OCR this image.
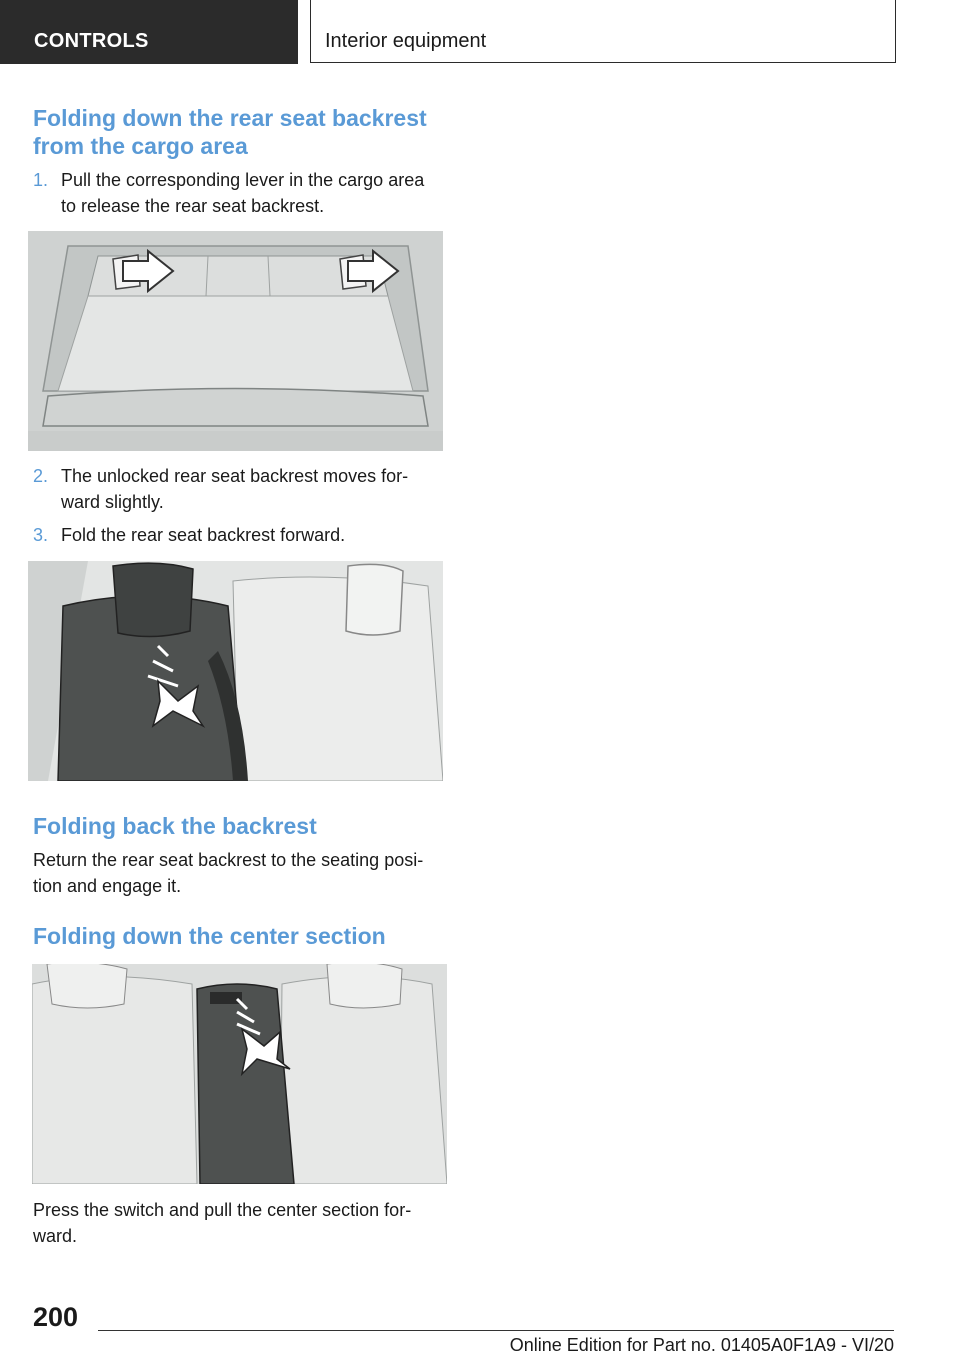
CONTROLS	Interior equipment
Folding down the rear seat backrest
from the cargo area
1. Pull the corresponding lever in the cargo area
to release the rear seat backrest.
2. The unlocked rear seat backrest moves for-
ward slightly.
3. Fold the rear seat backrest forward.
Folding back the backrest
Return the rear seat backrest to the seating posi-
tion and engage it.
Folding down the center section
Press the switch and pull the center section for-
ward.
200
Online Edition for Part no. 01405A0F1A9 - VI/20
